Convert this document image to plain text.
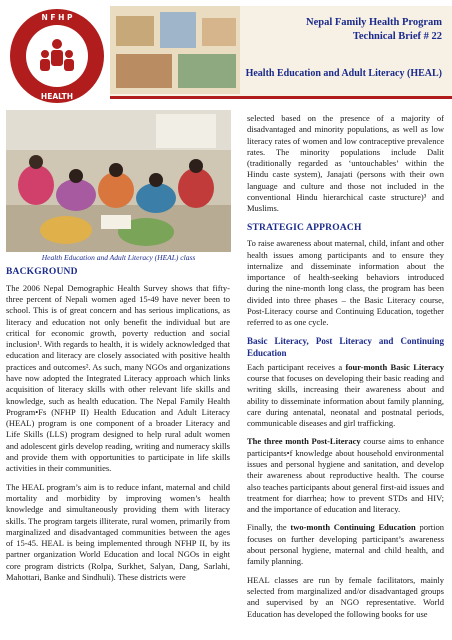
N F H P
HEALTH
Nepal Family Health Program
Technical Brief # 22
Health Education and Adult Literacy (HEAL)
Health Education and Adult Literacy (HEAL) class
BACKGROUND

The 2006 Nepal Demographic Health Survey shows that fifty-three percent of Nepali women aged 15-49 have never been to school. This is of great concern and has serious implications, as literacy and education not only benefit the individual but are critical for economic growth, poverty reduction and social inclusion¹. With regards to health, it is widely acknowledged that education and literacy are closely associated with positive health practices and outcomes². As such, many NGOs and organizations have now adopted the Integrated Literacy approach which links acquisition of literacy skills with other relevant life skills and knowledge, such as health education. The Nepal Family Health Program•Fs (NFHP II) Health Education and Adult Literacy (HEAL) program is one component of a broader Literacy and Life Skills (LLS) program designed to help rural adult women and adolescent girls develop reading, writing and numeracy skills and provide them with opportunities to participate in life skills activities in their communities.

The HEAL program’s aim is to reduce infant, maternal and child mortality and morbidity by improving women’s health knowledge and simultaneously providing them with literacy skills. The program targets illiterate, rural women, primarily from marginalized and disadvantaged communities between the ages of 15-45. HEAL is being implemented through NFHP II, by its partner organization World Education and local NGOs in eight core program districts (Rolpa, Surkhet, Salyan, Dang, Sarlahi, Mahottari, Banke and Sindhuli). These districts were

selected based on the presence of a majority of disadvantaged and minority populations, as well as low literacy rates of women and low contraceptive prevalence rates. The minority populations include Dalit (traditionally regarded as ‘untouchables’ within the Hindu caste system), Janajati (persons with their own language and culture and those not included in the conventional Hindu hierarchical caste structure)³ and Muslims.

STRATEGIC APPROACH

To raise awareness about maternal, child, infant and other health issues among participants and to ensure they internalize and disseminate information about the importance of health-seeking behaviors introduced during the nine-month long class, the program has been divided into three phases – the Basic Literacy course, Post-Literacy course and Continuing Education, together referred to as one cycle.

Basic Literacy, Post Literacy and Continuing Education

Each participant receives a four-month Basic Literacy course that focuses on developing their basic reading and writing skills, increasing their awareness about and ability to disseminate information about family planning, care during antenatal, neonatal and postnatal periods, communicable diseases and girl trafficking.

The three month Post-Literacy course aims to enhance participants•f knowledge about household environmental issues and personal hygiene and sanitation, and develop their awareness about reproductive health. The course also teaches participants about general first-aid issues and treatment for diarrhea; how to prevent STDs and HIV; and the importance of education and literacy.

Finally, the two-month Continuing Education portion focuses on further developing participant’s awareness about personal hygiene, maternal and child health, and family planning.

HEAL classes are run by female facilitators, mainly selected from marginalized and/or disadvantaged groups and supervised by an NGO representative. World Education has developed the following books for use
